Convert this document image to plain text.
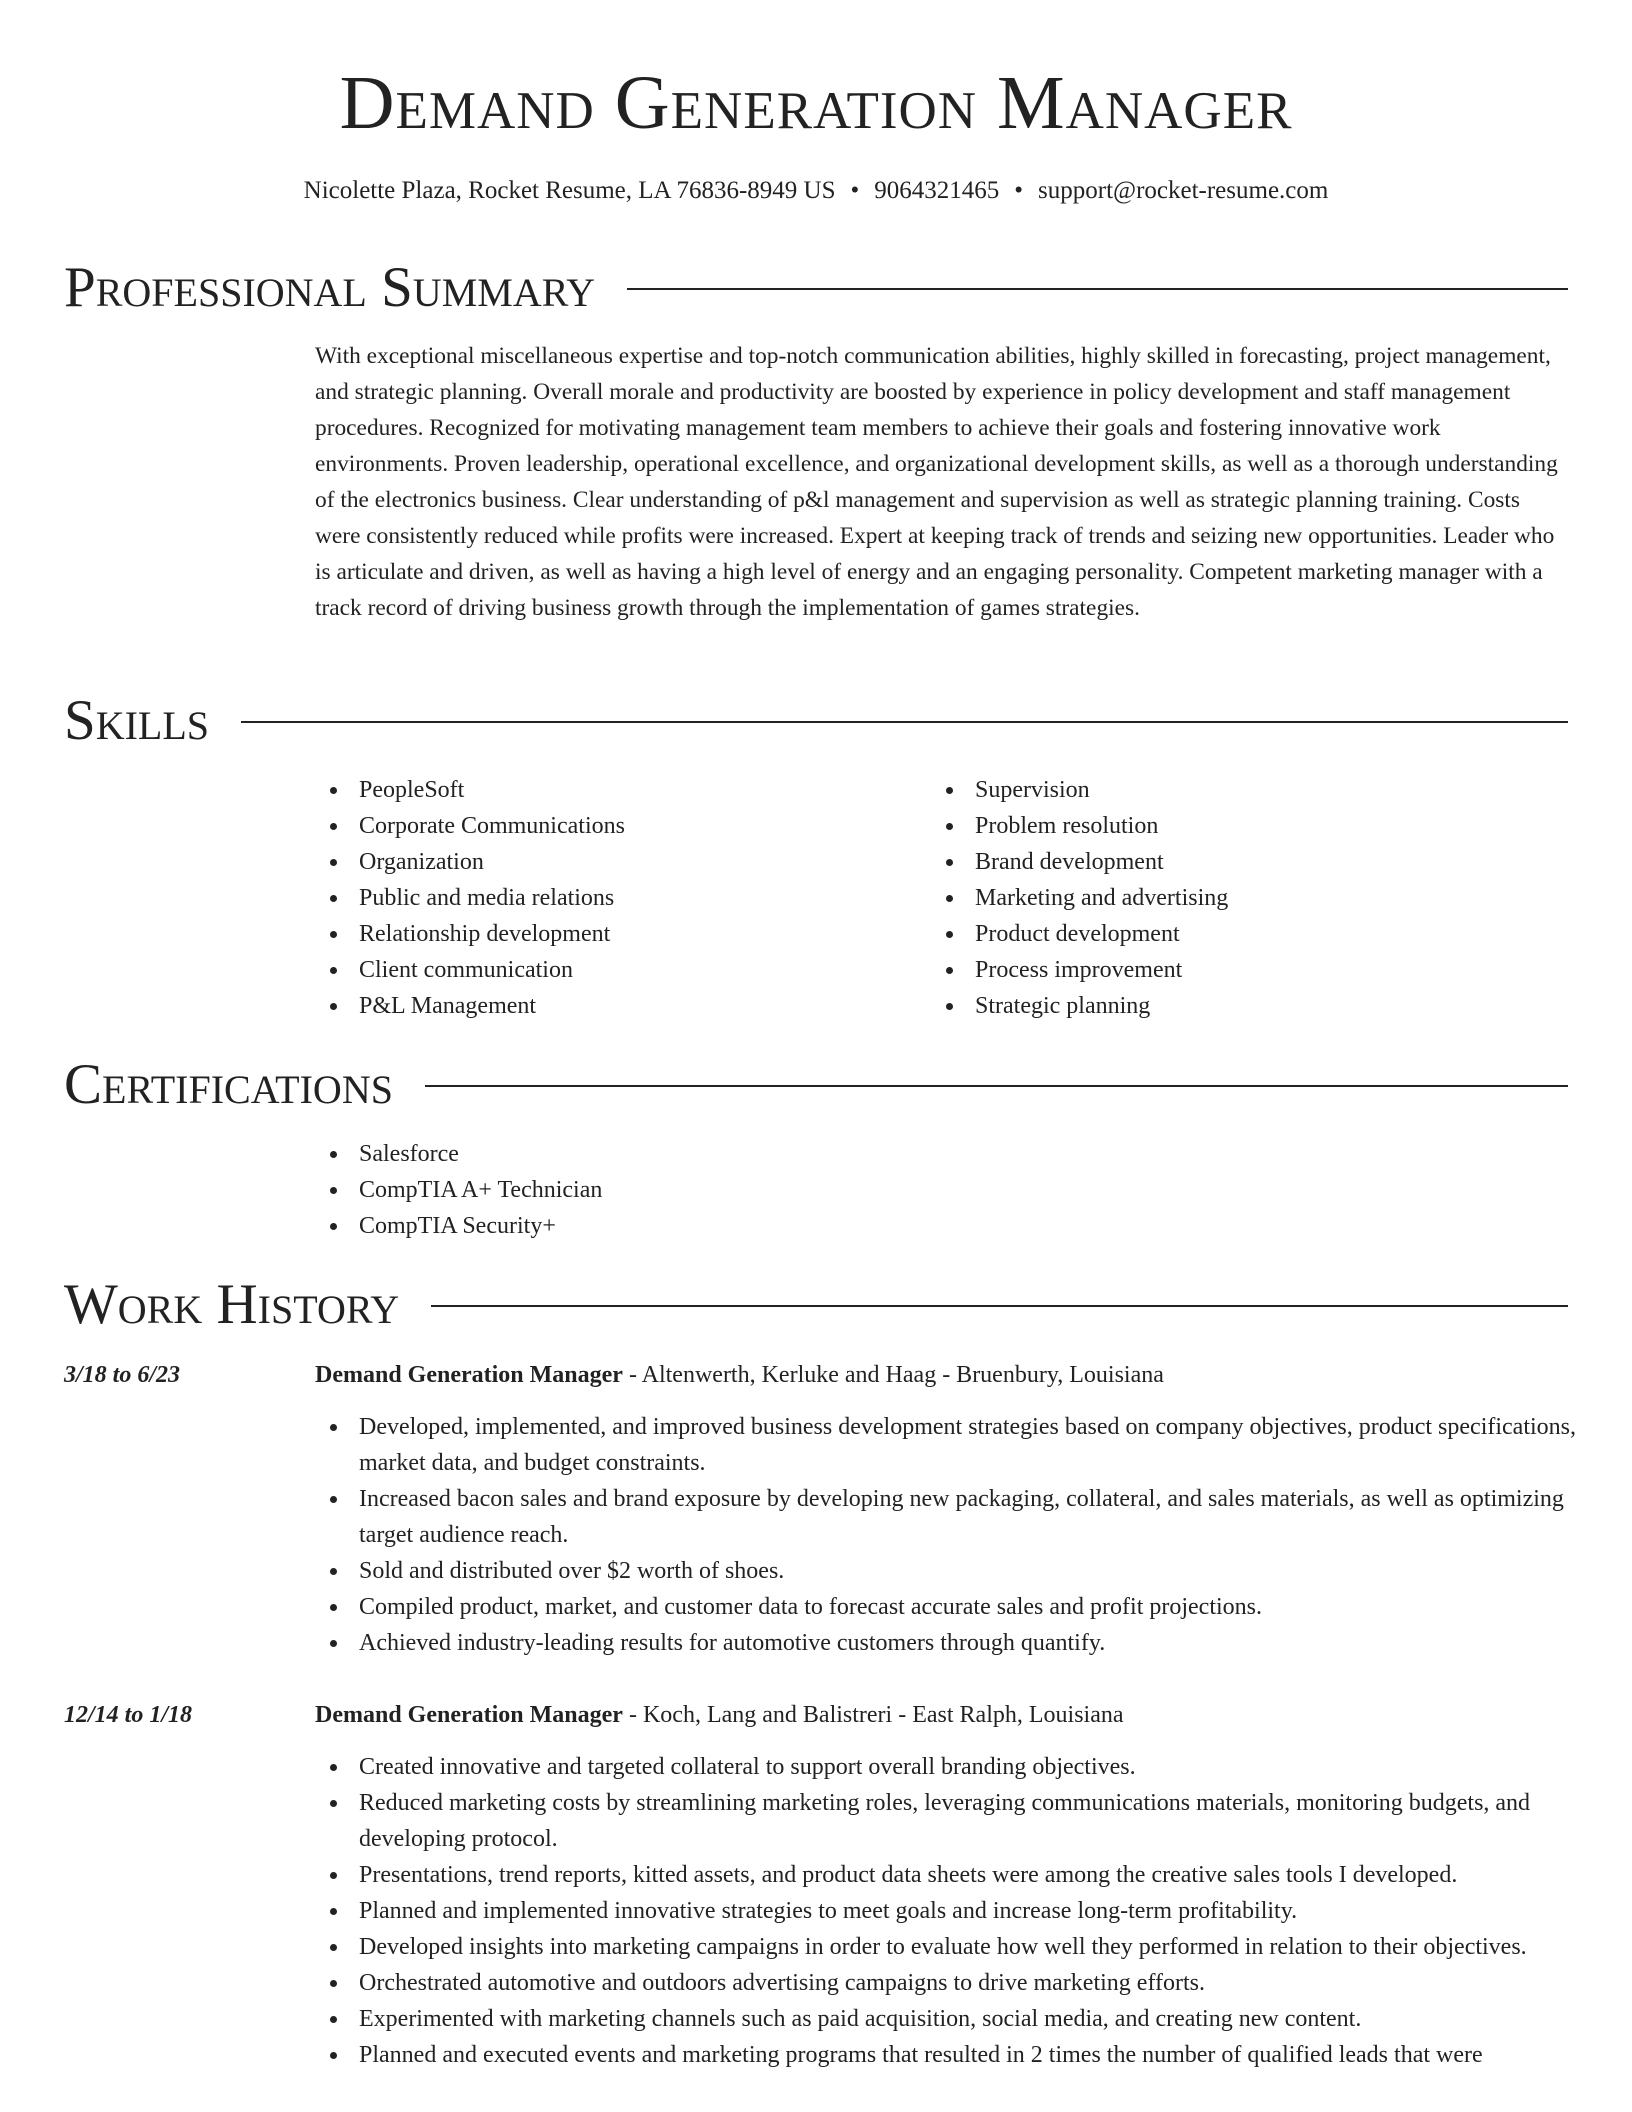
Demand Generation Manager
Nicolette Plaza, Rocket Resume, LA 76836-8949 US • 9064321465 • support@rocket-resume.com
Professional Summary
With exceptional miscellaneous expertise and top-notch communication abilities, highly skilled in forecasting, project management, and strategic planning. Overall morale and productivity are boosted by experience in policy development and staff management procedures. Recognized for motivating management team members to achieve their goals and fostering innovative work environments. Proven leadership, operational excellence, and organizational development skills, as well as a thorough understanding of the electronics business. Clear understanding of p&l management and supervision as well as strategic planning training. Costs were consistently reduced while profits were increased. Expert at keeping track of trends and seizing new opportunities. Leader who is articulate and driven, as well as having a high level of energy and an engaging personality. Competent marketing manager with a track record of driving business growth through the implementation of games strategies.
Skills
PeopleSoft
Corporate Communications
Organization
Public and media relations
Relationship development
Client communication
P&L Management
Supervision
Problem resolution
Brand development
Marketing and advertising
Product development
Process improvement
Strategic planning
Certifications
Salesforce
CompTIA A+ Technician
CompTIA Security+
Work History
3/18 to 6/23	Demand Generation Manager - Altenwerth, Kerluke and Haag - Bruenbury, Louisiana
Developed, implemented, and improved business development strategies based on company objectives, product specifications, market data, and budget constraints.
Increased bacon sales and brand exposure by developing new packaging, collateral, and sales materials, as well as optimizing target audience reach.
Sold and distributed over $2 worth of shoes.
Compiled product, market, and customer data to forecast accurate sales and profit projections.
Achieved industry-leading results for automotive customers through quantify.
12/14 to 1/18	Demand Generation Manager - Koch, Lang and Balistreri - East Ralph, Louisiana
Created innovative and targeted collateral to support overall branding objectives.
Reduced marketing costs by streamlining marketing roles, leveraging communications materials, monitoring budgets, and developing protocol.
Presentations, trend reports, kitted assets, and product data sheets were among the creative sales tools I developed.
Planned and implemented innovative strategies to meet goals and increase long-term profitability.
Developed insights into marketing campaigns in order to evaluate how well they performed in relation to their objectives.
Orchestrated automotive and outdoors advertising campaigns to drive marketing efforts.
Experimented with marketing channels such as paid acquisition, social media, and creating new content.
Planned and executed events and marketing programs that resulted in 2 times the number of qualified leads that were
